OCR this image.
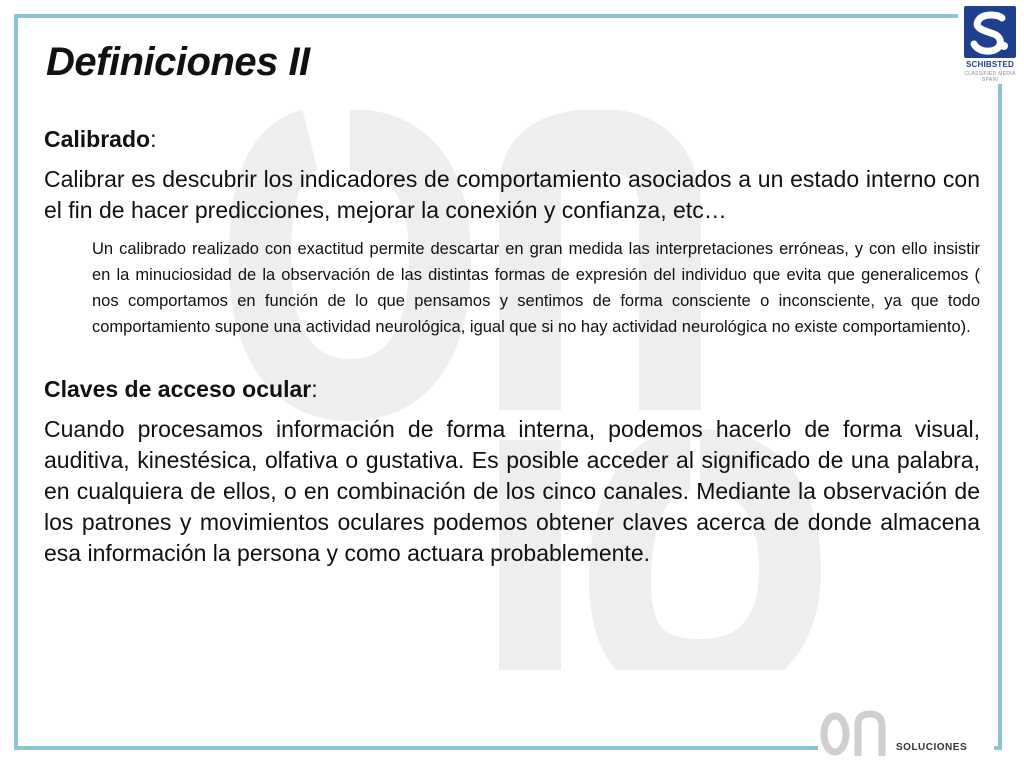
Definiciones II	SCHIBSTED
CLASSIFIED MEDIA SPAIN
Calibrado:

Calibrar es descubrir los indicadores de comportamiento asociados a un estado interno con el fin de hacer predicciones, mejorar la conexión y confianza, etc…

Un calibrado realizado con exactitud permite descartar en gran medida las interpretaciones erróneas, y con ello insistir en la minuciosidad de la observación de las distintas formas de expresión del individuo que evita que generalicemos ( nos comportamos en función de lo que pensamos y sentimos de forma consciente o inconsciente, ya que todo comportamiento supone una actividad neurológica, igual que si no hay actividad neurológica no existe comportamiento).

Claves de acceso ocular:

Cuando procesamos información de forma interna, podemos hacerlo de forma visual, auditiva, kinestésica, olfativa o gustativa. Es posible acceder al significado de una palabra, en cualquiera de ellos, o en combinación de los cinco canales. Mediante la observación de los patrones y movimientos oculares podemos obtener claves acerca de donde almacena esa información la persona y como actuara probablemente.

SOLUCIONES
